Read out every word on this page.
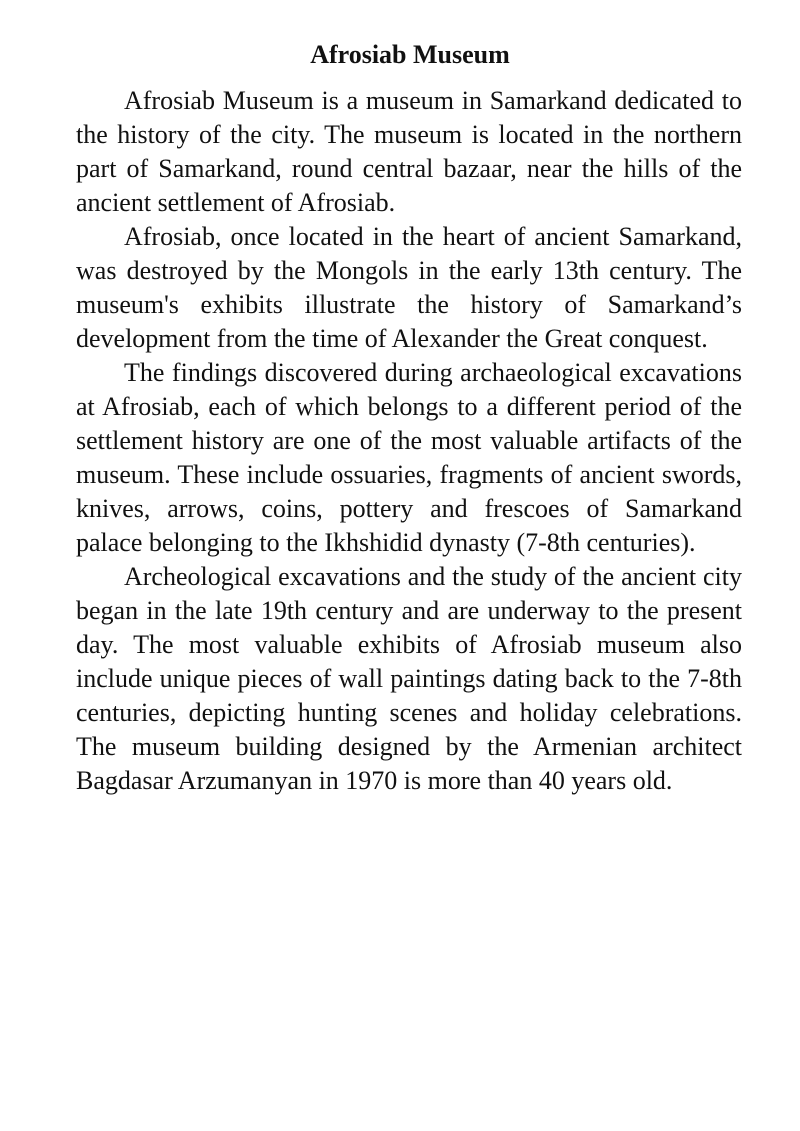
Afrosiab Museum

Afrosiab Museum is a museum in Samarkand dedicated to the history of the city. The museum is located in the northern part of Samarkand, round central bazaar, near the hills of the ancient settlement of Afrosiab.

Afrosiab, once located in the heart of ancient Samarkand, was destroyed by the Mongols in the early 13th century. The museum's exhibits illustrate the history of Samarkand’s development from the time of Alexander the Great conquest.

The findings discovered during archaeological excavations at Afrosiab, each of which belongs to a different period of the settlement history are one of the most valuable artifacts of the museum. These include ossuaries, fragments of ancient swords, knives, arrows, coins, pottery and frescoes of Samarkand palace belonging to the Ikhshidid dynasty (7-8th centuries).

Archeological excavations and the study of the ancient city began in the late 19th century and are underway to the present day. The most valuable exhibits of Afrosiab museum also include unique pieces of wall paintings dating back to the 7-8th centuries, depicting hunting scenes and holiday celebrations. The museum building designed by the Armenian architect Bagdasar Arzumanyan in 1970 is more than 40 years old.
